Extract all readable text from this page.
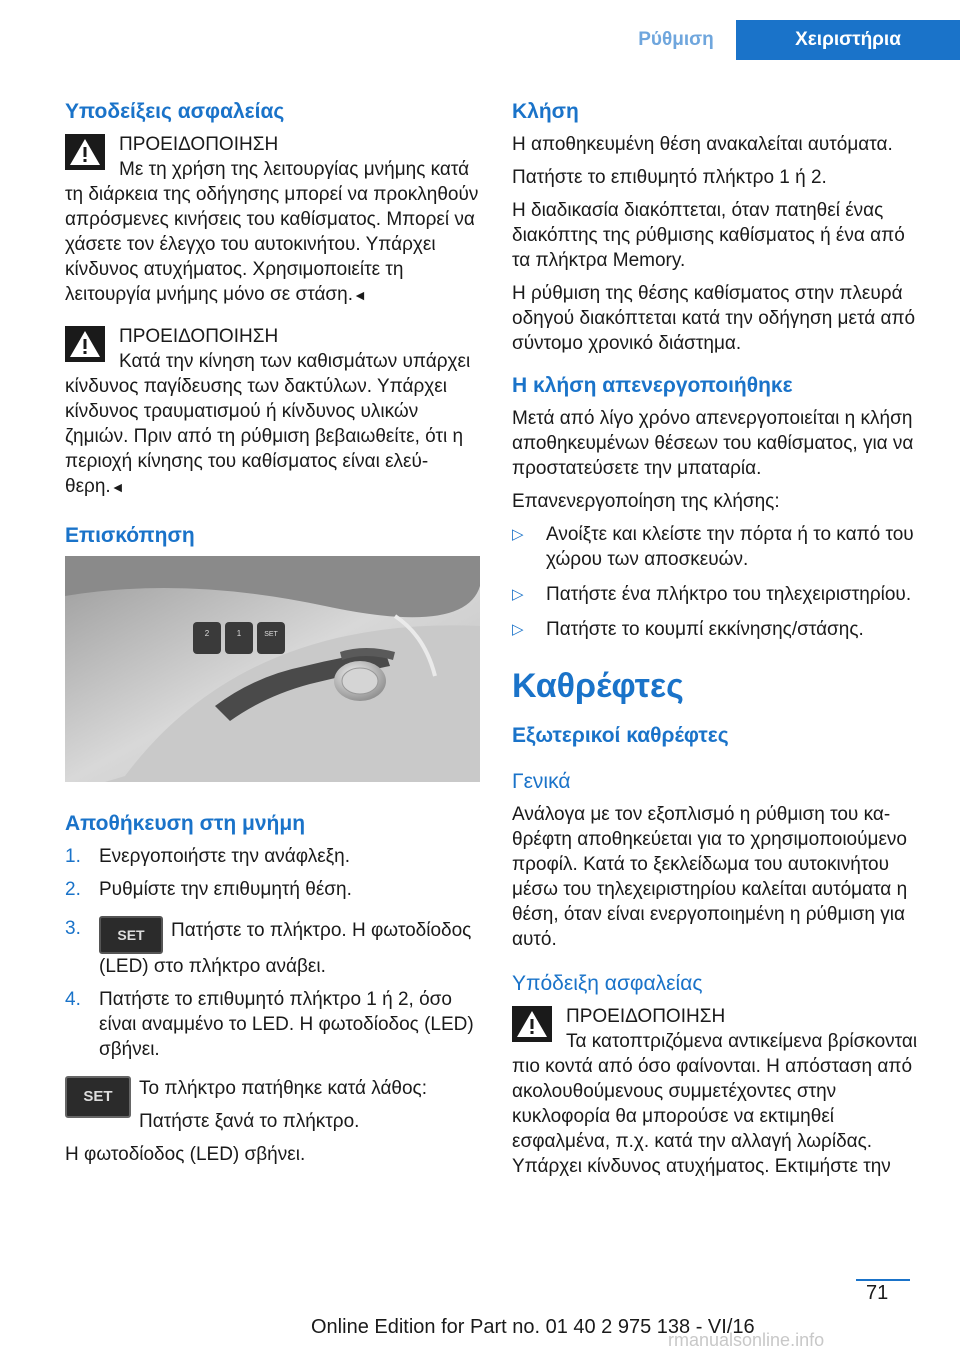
Ρύθμιση	Χειριστήρια
Υποδείξεις ασφαλείας
ΠΡΟΕΙΔΟΠΟΙΗΣΗ
Με τη χρήση της λειτουργίας μνήμης κατά τη διάρκεια της οδήγησης μπορεί να προκληθούν απρόσμενες κινήσεις του καθίσματος. Μπορεί να χάσετε τον έλεγχο του αυτοκινήτου. Υπάρχει κίνδυνος ατυχήματος. Χρησιμοποιείτε τη λειτουργία μνήμης μόνο σε στάση.◄
ΠΡΟΕΙΔΟΠΟΙΗΣΗ
Κατά την κίνηση των καθισμάτων υπάρχει κίνδυνος παγίδευσης των δακτύλων. Υπάρχει κίνδυνος τραυματισμού ή κίνδυνος υλικών ζημιών. Πριν από τη ρύθμιση βεβαιωθείτε, ότι η περιοχή κίνησης του καθίσματος είναι ελεύθερη.◄
Επισκόπηση
2	1	SET
Αποθήκευση στη μνήμη
1. Ενεργοποιήστε την ανάφλεξη.
2. Ρυθμίστε την επιθυμητή θέση.
3.	SET Πατήστε το πλήκτρο. Η φωτοδίοδος (LED) στο πλήκτρο ανάβει.
4. Πατήστε το επιθυμητό πλήκτρο 1 ή 2, όσο είναι αναμμένο το LED. Η φωτοδίοδος (LED) σβήνει.
SET	Το πλήκτρο πατήθηκε κατά λάθος:
Πατήστε ξανά το πλήκτρο.
Η φωτοδίοδος (LED) σβήνει.
Κλήση
Η αποθηκευμένη θέση ανακαλείται αυτόματα.
Πατήστε το επιθυμητό πλήκτρο 1 ή 2.
Η διαδικασία διακόπτεται, όταν πατηθεί ένας διακόπτης της ρύθμισης καθίσματος ή ένα από τα πλήκτρα Memory.
Η ρύθμιση της θέσης καθίσματος στην πλευρά οδηγού διακόπτεται κατά την οδήγηση μετά από σύντομο χρονικό διάστημα.
Η κλήση απενεργοποιήθηκε
Μετά από λίγο χρόνο απενεργοποιείται η κλήση αποθηκευμένων θέσεων του καθίσματος, για να προστατεύσετε την μπαταρία.
Επανενεργοποίηση της κλήσης:
▷ Ανοίξτε και κλείστε την πόρτα ή το καπό του χώρου των αποσκευών.
▷ Πατήστε ένα πλήκτρο του τηλεχειριστηρίου.
▷ Πατήστε το κουμπί εκκίνησης/στάσης.
Καθρέφτες
Εξωτερικοί καθρέφτες
Γενικά
Ανάλογα με τον εξοπλισμό η ρύθμιση του καθρέφτη αποθηκεύεται για το χρησιμοποιούμενο προφίλ. Κατά το ξεκλείδωμα του αυτοκινήτου μέσω του τηλεχειριστηρίου καλείται αυτόματα η θέση, όταν είναι ενεργοποιημένη η ρύθμιση για αυτό.
Υπόδειξη ασφαλείας
ΠΡΟΕΙΔΟΠΟΙΗΣΗ
Τα κατοπτριζόμενα αντικείμενα βρίσκονται πιο κοντά από όσο φαίνονται. Η απόσταση από ακολουθούμενους συμμετέχοντες στην κυκλοφορία θα μπορούσε να εκτιμηθεί εσφαλμένα, π.χ. κατά την αλλαγή λωρίδας. Υπάρχει κίνδυνος ατυχήματος. Εκτιμήστε την
71
Online Edition for Part no. 01 40 2 975 138 - VI/16
rmanualsonline.info
